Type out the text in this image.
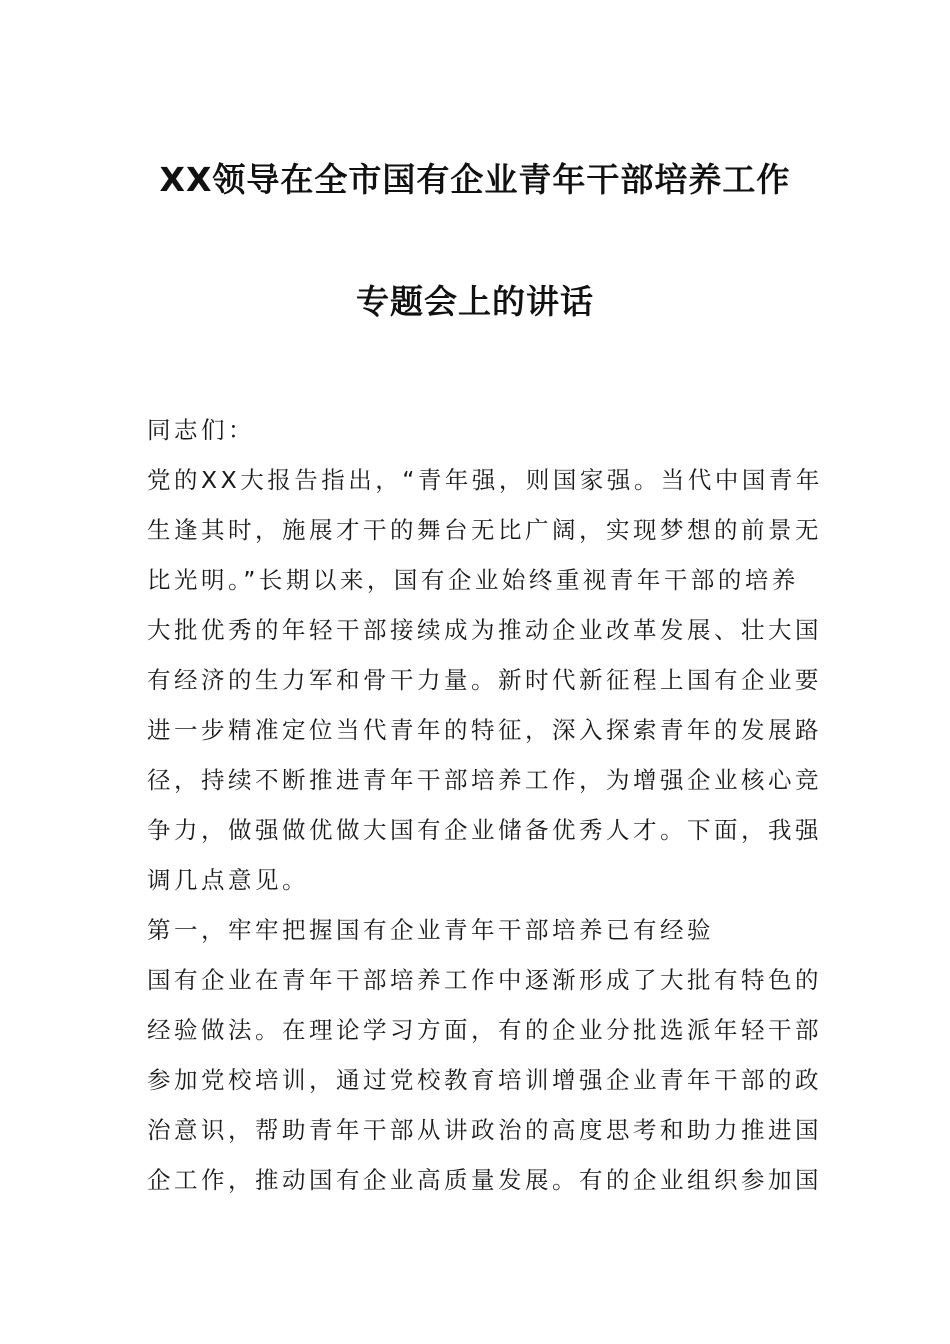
XX领导在全市国有企业青年干部培养工作
专题会上的讲话
同志们：
党的XX大报告指出，“青年强，则国家强。当代中国青年
生逢其时，施展才干的舞台无比广阔，实现梦想的前景无
比光明。”长期以来，国有企业始终重视青年干部的培养
大批优秀的年轻干部接续成为推动企业改革发展、壮大国
有经济的生力军和骨干力量。新时代新征程上国有企业要
进一步精准定位当代青年的特征，深入探索青年的发展路
径，持续不断推进青年干部培养工作，为增强企业核心竞
争力，做强做优做大国有企业储备优秀人才。下面，我强
调几点意见。
第一，牢牢把握国有企业青年干部培养已有经验
国有企业在青年干部培养工作中逐渐形成了大批有特色的
经验做法。在理论学习方面，有的企业分批选派年轻干部
参加党校培训，通过党校教育培训增强企业青年干部的政
治意识，帮助青年干部从讲政治的高度思考和助力推进国
企工作，推动国有企业高质量发展。有的企业组织参加国
